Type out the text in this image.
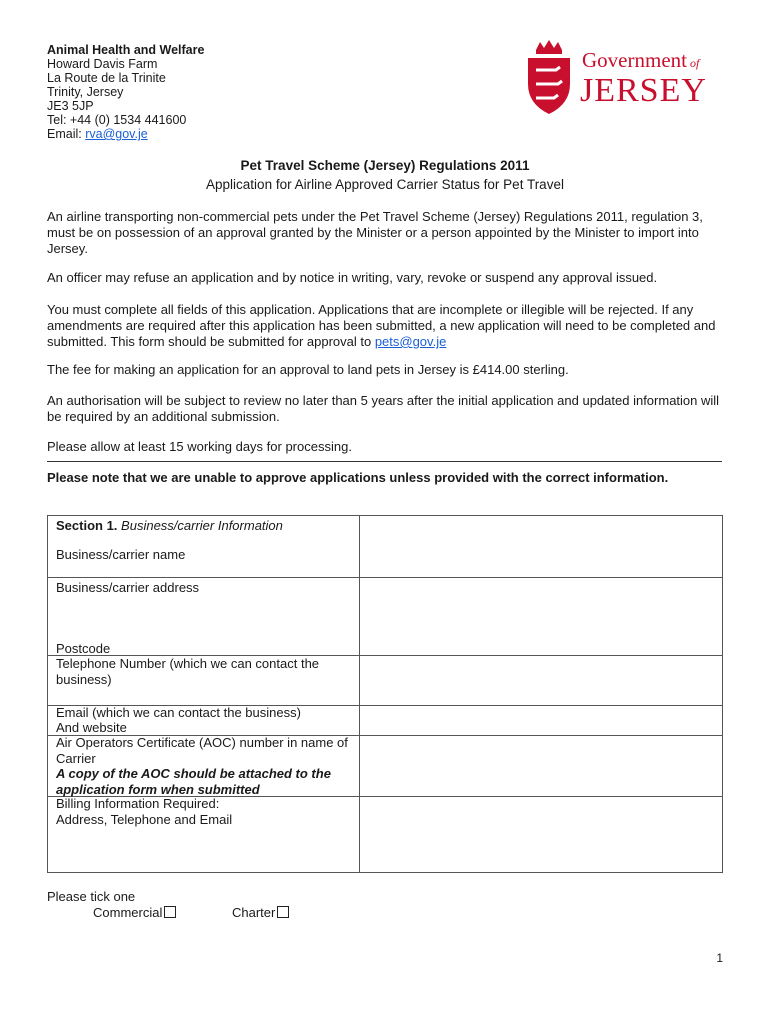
Animal Health and Welfare
Howard Davis Farm
La Route de la Trinite
Trinity, Jersey
JE3 5JP
Tel: +44 (0) 1534 441600
Email: rva@gov.je
Government of
JERSEY
Pet Travel Scheme (Jersey) Regulations 2011
Application for Airline Approved Carrier Status for Pet Travel
An airline transporting non-commercial pets under the Pet Travel Scheme (Jersey) Regulations 2011, regulation 3, must be on possession of an approval granted by the Minister or a person appointed by the Minister to import into Jersey.
An officer may refuse an application and by notice in writing, vary, revoke or suspend any approval issued.
You must complete all fields of this application. Applications that are incomplete or illegible will be rejected. If any amendments are required after this application has been submitted, a new application will need to be completed and submitted. This form should be submitted for approval to pets@gov.je
The fee for making an application for an approval to land pets in Jersey is £414.00 sterling.
An authorisation will be subject to review no later than 5 years after the initial application and updated information will be required by an additional submission.
Please allow at least 15 working days for processing.
Please note that we are unable to approve applications unless provided with the correct information.
Section 1. Business/carrier Information
Business/carrier name
Business/carrier address
Postcode
Telephone Number (which we can contact the business)
Email (which we can contact the business)
And website
Air Operators Certificate (AOC) number in name of Carrier
A copy of the AOC should be attached to the application form when submitted
Billing Information Required:
Address, Telephone and Email
Please tick one
Commercial	Charter
1
